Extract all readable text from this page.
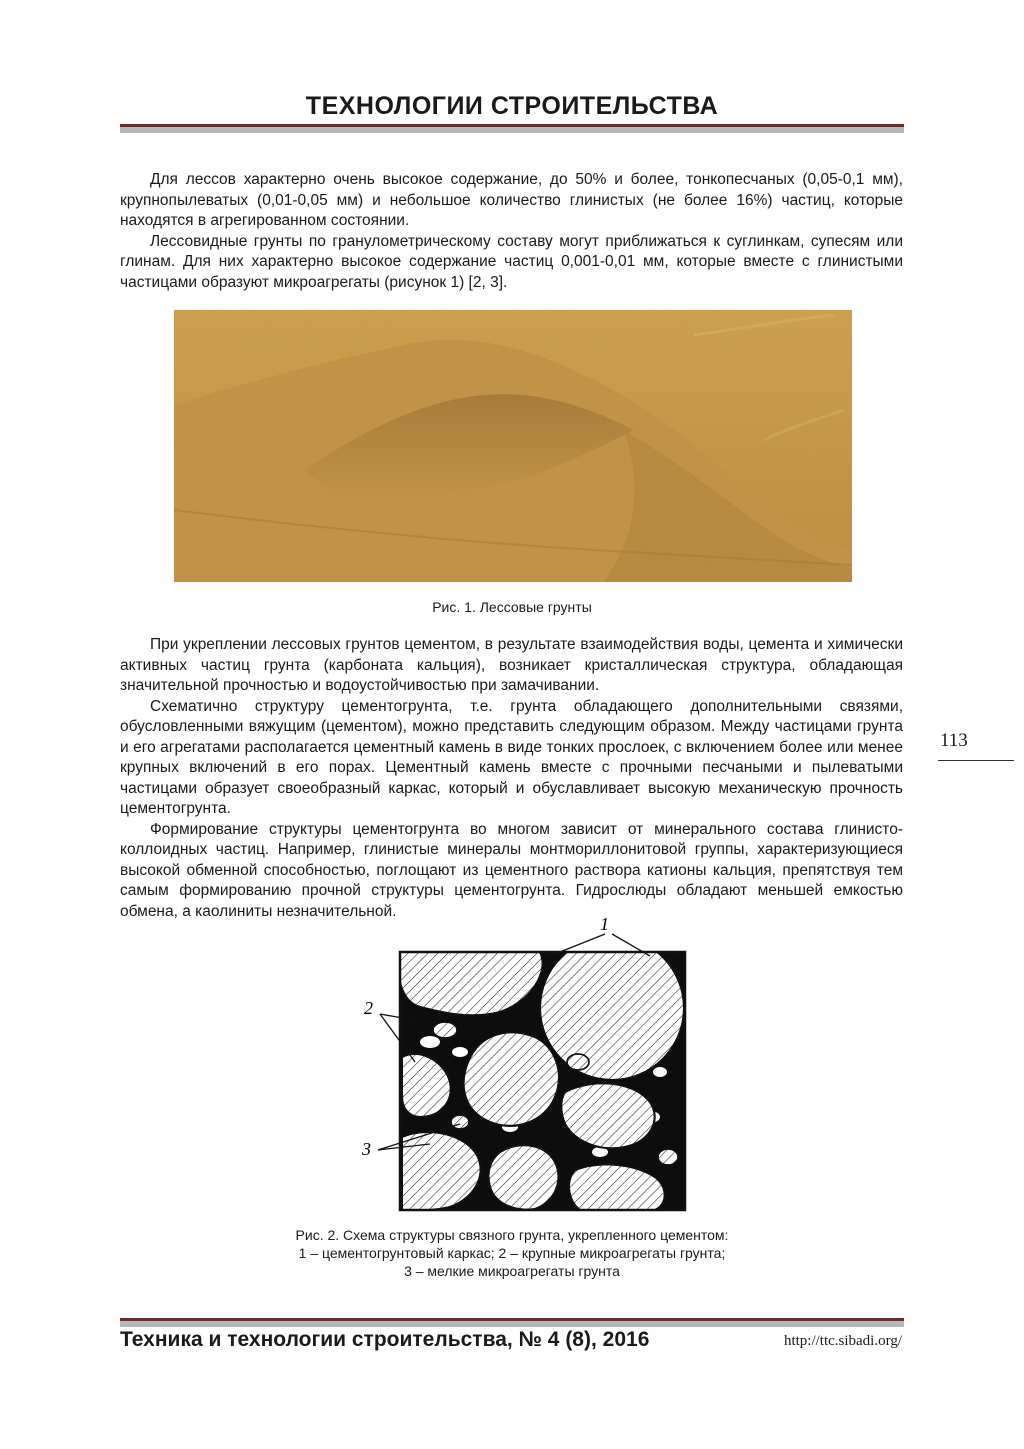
ТЕХНОЛОГИИ СТРОИТЕЛЬСТВА

Для лессов характерно очень высокое содержание, до 50% и более, тонкопесчаных (0,05-0,1 мм), крупнопылеватых (0,01-0,05 мм) и небольшое количество глинистых (не более 16%) частиц, которые находятся в агрегированном состоянии.

Лессовидные грунты по гранулометрическому составу могут приближаться к суглинкам, супесям или глинам. Для них характерно высокое содержание частиц 0,001-0,01 мм, которые вместе с глинистыми частицами образуют микроагрегаты (рисунок 1) [2, 3].

Рис. 1. Лессовые грунты

При укреплении лессовых грунтов цементом, в результате взаимодействия воды, цемента и химически активных частиц грунта (карбоната кальция), возникает кристаллическая структура, обладающая значительной прочностью и водоустойчивостью при замачивании.

Схематично структуру цементогрунта, т.е. грунта обладающего дополнительными связями, обусловленными вяжущим (цементом), можно представить следующим образом. Между частицами грунта и его агрегатами располагается цементный камень в виде тонких прослоек, с включением более или менее крупных включений в его порах. Цементный камень вместе с прочными песчаными и пылеватыми частицами образует своеобразный каркас, который и обуславливает высокую механическую прочность цементогрунта.

Формирование структуры цементогрунта во многом зависит от минерального состава глинисто-коллоидных частиц. Например, глинистые минералы монтмориллонитовой группы, характеризующиеся высокой обменной способностью, поглощают из цементного раствора катионы кальция, препятствуя тем самым формированию прочной структуры цементогрунта. Гидрослюды обладают меньшей емкостью обмена, а каолиниты незначительной.

113
1
2
3
Рис. 2. Схема структуры связного грунта, укрепленного цементом:
1 – цементогрунтовый каркас; 2 – крупные микроагрегаты грунта;
3 – мелкие микроагрегаты грунта
Техника и технологии строительства, № 4 (8), 2016	http://ttc.sibadi.org/
